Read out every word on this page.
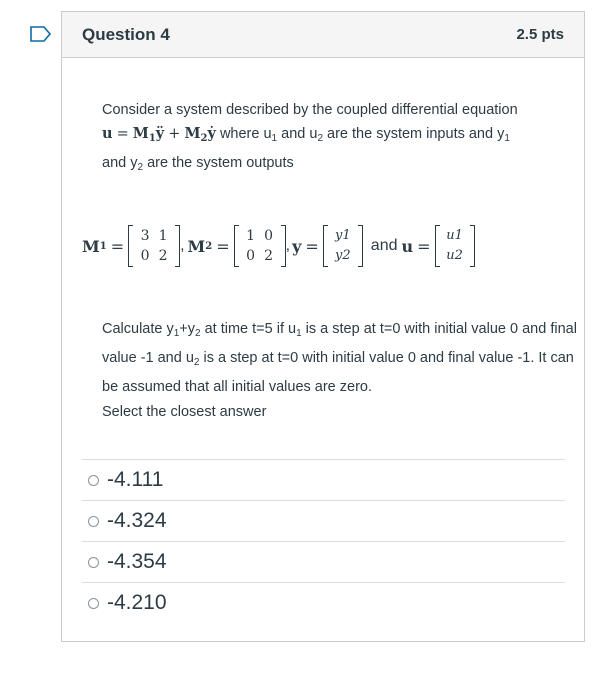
Question 4	2.5 pts
Consider a system described by the coupled differential equation
$u = M_1ÿ$ + $M_2ẏ$ where $u_1$ and $u_2$ are the system inputs and $y_1$
and $y_2$ are the system outputs
M 1 =
3 1
0 2
, M 2 =
1 0
0 2
, y =
y1
y2
and u =
u1
u2
Calculate $y_1+y_2$ at time t=5 if $u_1$ is a step at t=0 with initial value 0 and final value -1 and $u_2$ is a step at t=0 with initial value 0 and final value -1. It can be assumed that all initial values are zero.
Select the closest answer
-4.111
-4.324
-4.354
-4.210
